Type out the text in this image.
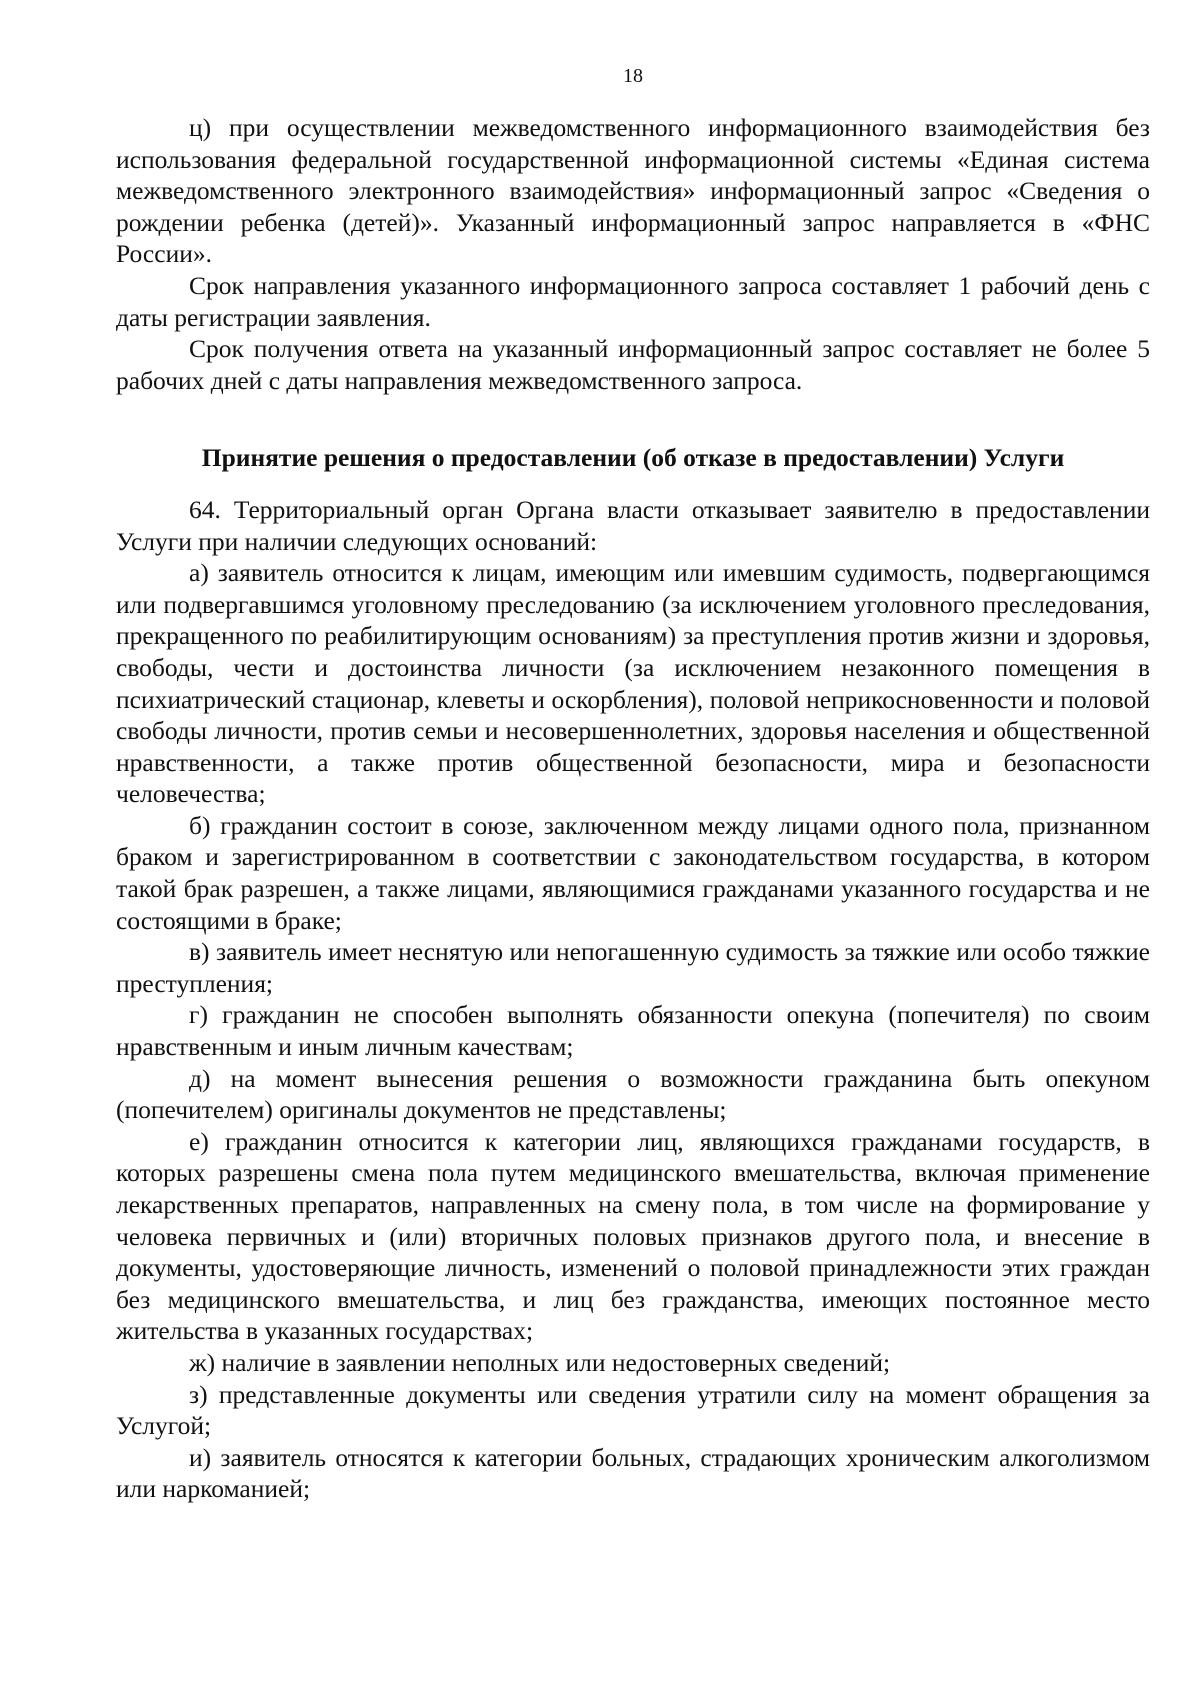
18

ц) при осуществлении межведомственного информационного взаимодействия без использования федеральной государственной информационной системы «Единая система межведомственного электронного взаимодействия» информационный запрос «Сведения о рождении ребенка (детей)». Указанный информационный запрос направляется в «ФНС России».

Срок направления указанного информационного запроса составляет 1 рабочий день с даты регистрации заявления.

Срок получения ответа на указанный информационный запрос составляет не более 5 рабочих дней с даты направления межведомственного запроса.

Принятие решения о предоставлении (об отказе в предоставлении) Услуги

64. Территориальный орган Органа власти отказывает заявителю в предоставлении Услуги при наличии следующих оснований:

а) заявитель относится к лицам, имеющим или имевшим судимость, подвергающимся или подвергавшимся уголовному преследованию (за исключением уголовного преследования, прекращенного по реабилитирующим основаниям) за преступления против жизни и здоровья, свободы, чести и достоинства личности (за исключением незаконного помещения в психиатрический стационар, клеветы и оскорбления), половой неприкосновенности и половой свободы личности, против семьи и несовершеннолетних, здоровья населения и общественной нравственности, а также против общественной безопасности, мира и безопасности человечества;

б) гражданин состоит в союзе, заключенном между лицами одного пола, признанном браком и зарегистрированном в соответствии с законодательством государства, в котором такой брак разрешен, а также лицами, являющимися гражданами указанного государства и не состоящими в браке;

в) заявитель имеет неснятую или непогашенную судимость за тяжкие или особо тяжкие преступления;

г) гражданин не способен выполнять обязанности опекуна (попечителя) по своим нравственным и иным личным качествам;

д) на момент вынесения решения о возможности гражданина быть опекуном (попечителем) оригиналы документов не представлены;

е) гражданин относится к категории лиц, являющихся гражданами государств, в которых разрешены смена пола путем медицинского вмешательства, включая применение лекарственных препаратов, направленных на смену пола, в том числе на формирование у человека первичных и (или) вторичных половых признаков другого пола, и внесение в документы, удостоверяющие личность, изменений о половой принадлежности этих граждан без медицинского вмешательства, и лиц без гражданства, имеющих постоянное место жительства в указанных государствах;

ж) наличие в заявлении неполных или недостоверных сведений;

з) представленные документы или сведения утратили силу на момент обращения за Услугой;

и) заявитель относятся к категории больных, страдающих хроническим алкоголизмом или наркоманией;
